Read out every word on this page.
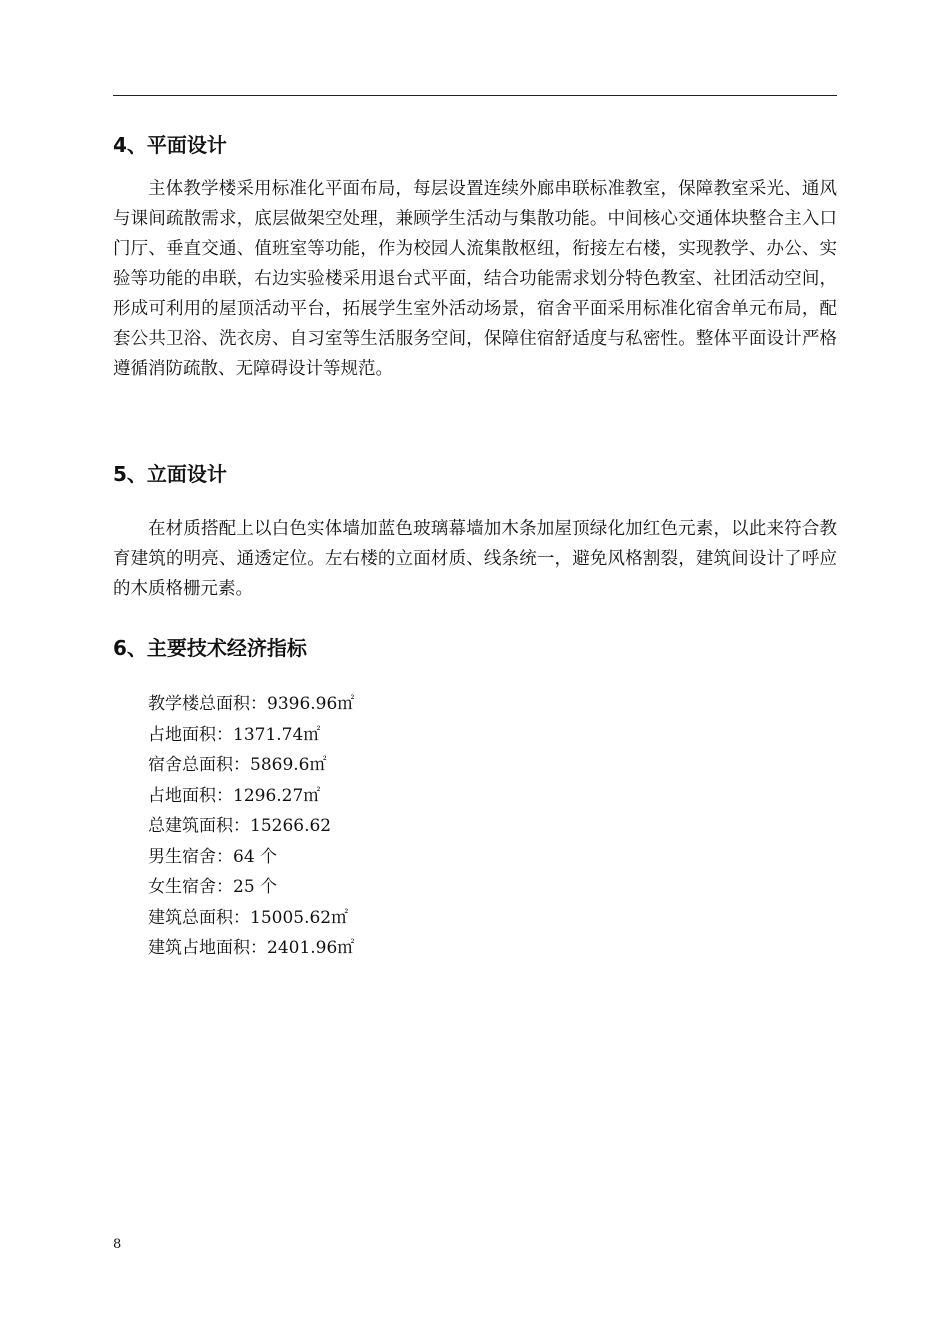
4、平面设计

主体教学楼采用标准化平面布局，每层设置连续外廊串联标准教室，保障教室采光、通风与课间疏散需求，底层做架空处理，兼顾学生活动与集散功能。中间核心交通体块整合主入口门厅、垂直交通、值班室等功能，作为校园人流集散枢纽，衔接左右楼，实现教学、办公、实验等功能的串联，右边实验楼采用退台式平面，结合功能需求划分特色教室、社团活动空间，形成可利用的屋顶活动平台，拓展学生室外活动场景，宿舍平面采用标准化宿舍单元布局，配套公共卫浴、洗衣房、自习室等生活服务空间，保障住宿舒适度与私密性。整体平面设计严格遵循消防疏散、无障碍设计等规范。

5、立面设计

在材质搭配上以白色实体墙加蓝色玻璃幕墙加木条加屋顶绿化加红色元素，以此来符合教育建筑的明亮、通透定位。左右楼的立面材质、线条统一，避免风格割裂，建筑间设计了呼应的木质格栅元素。

6、主要技术经济指标
教学楼总面积：9396.96㎡
占地面积：1371.74㎡
宿舍总面积：5869.6㎡
占地面积：1296.27㎡
总建筑面积：15266.62
男生宿舍：64 个
女生宿舍：25 个
建筑总面积：15005.62㎡
建筑占地面积：2401.96㎡
8
